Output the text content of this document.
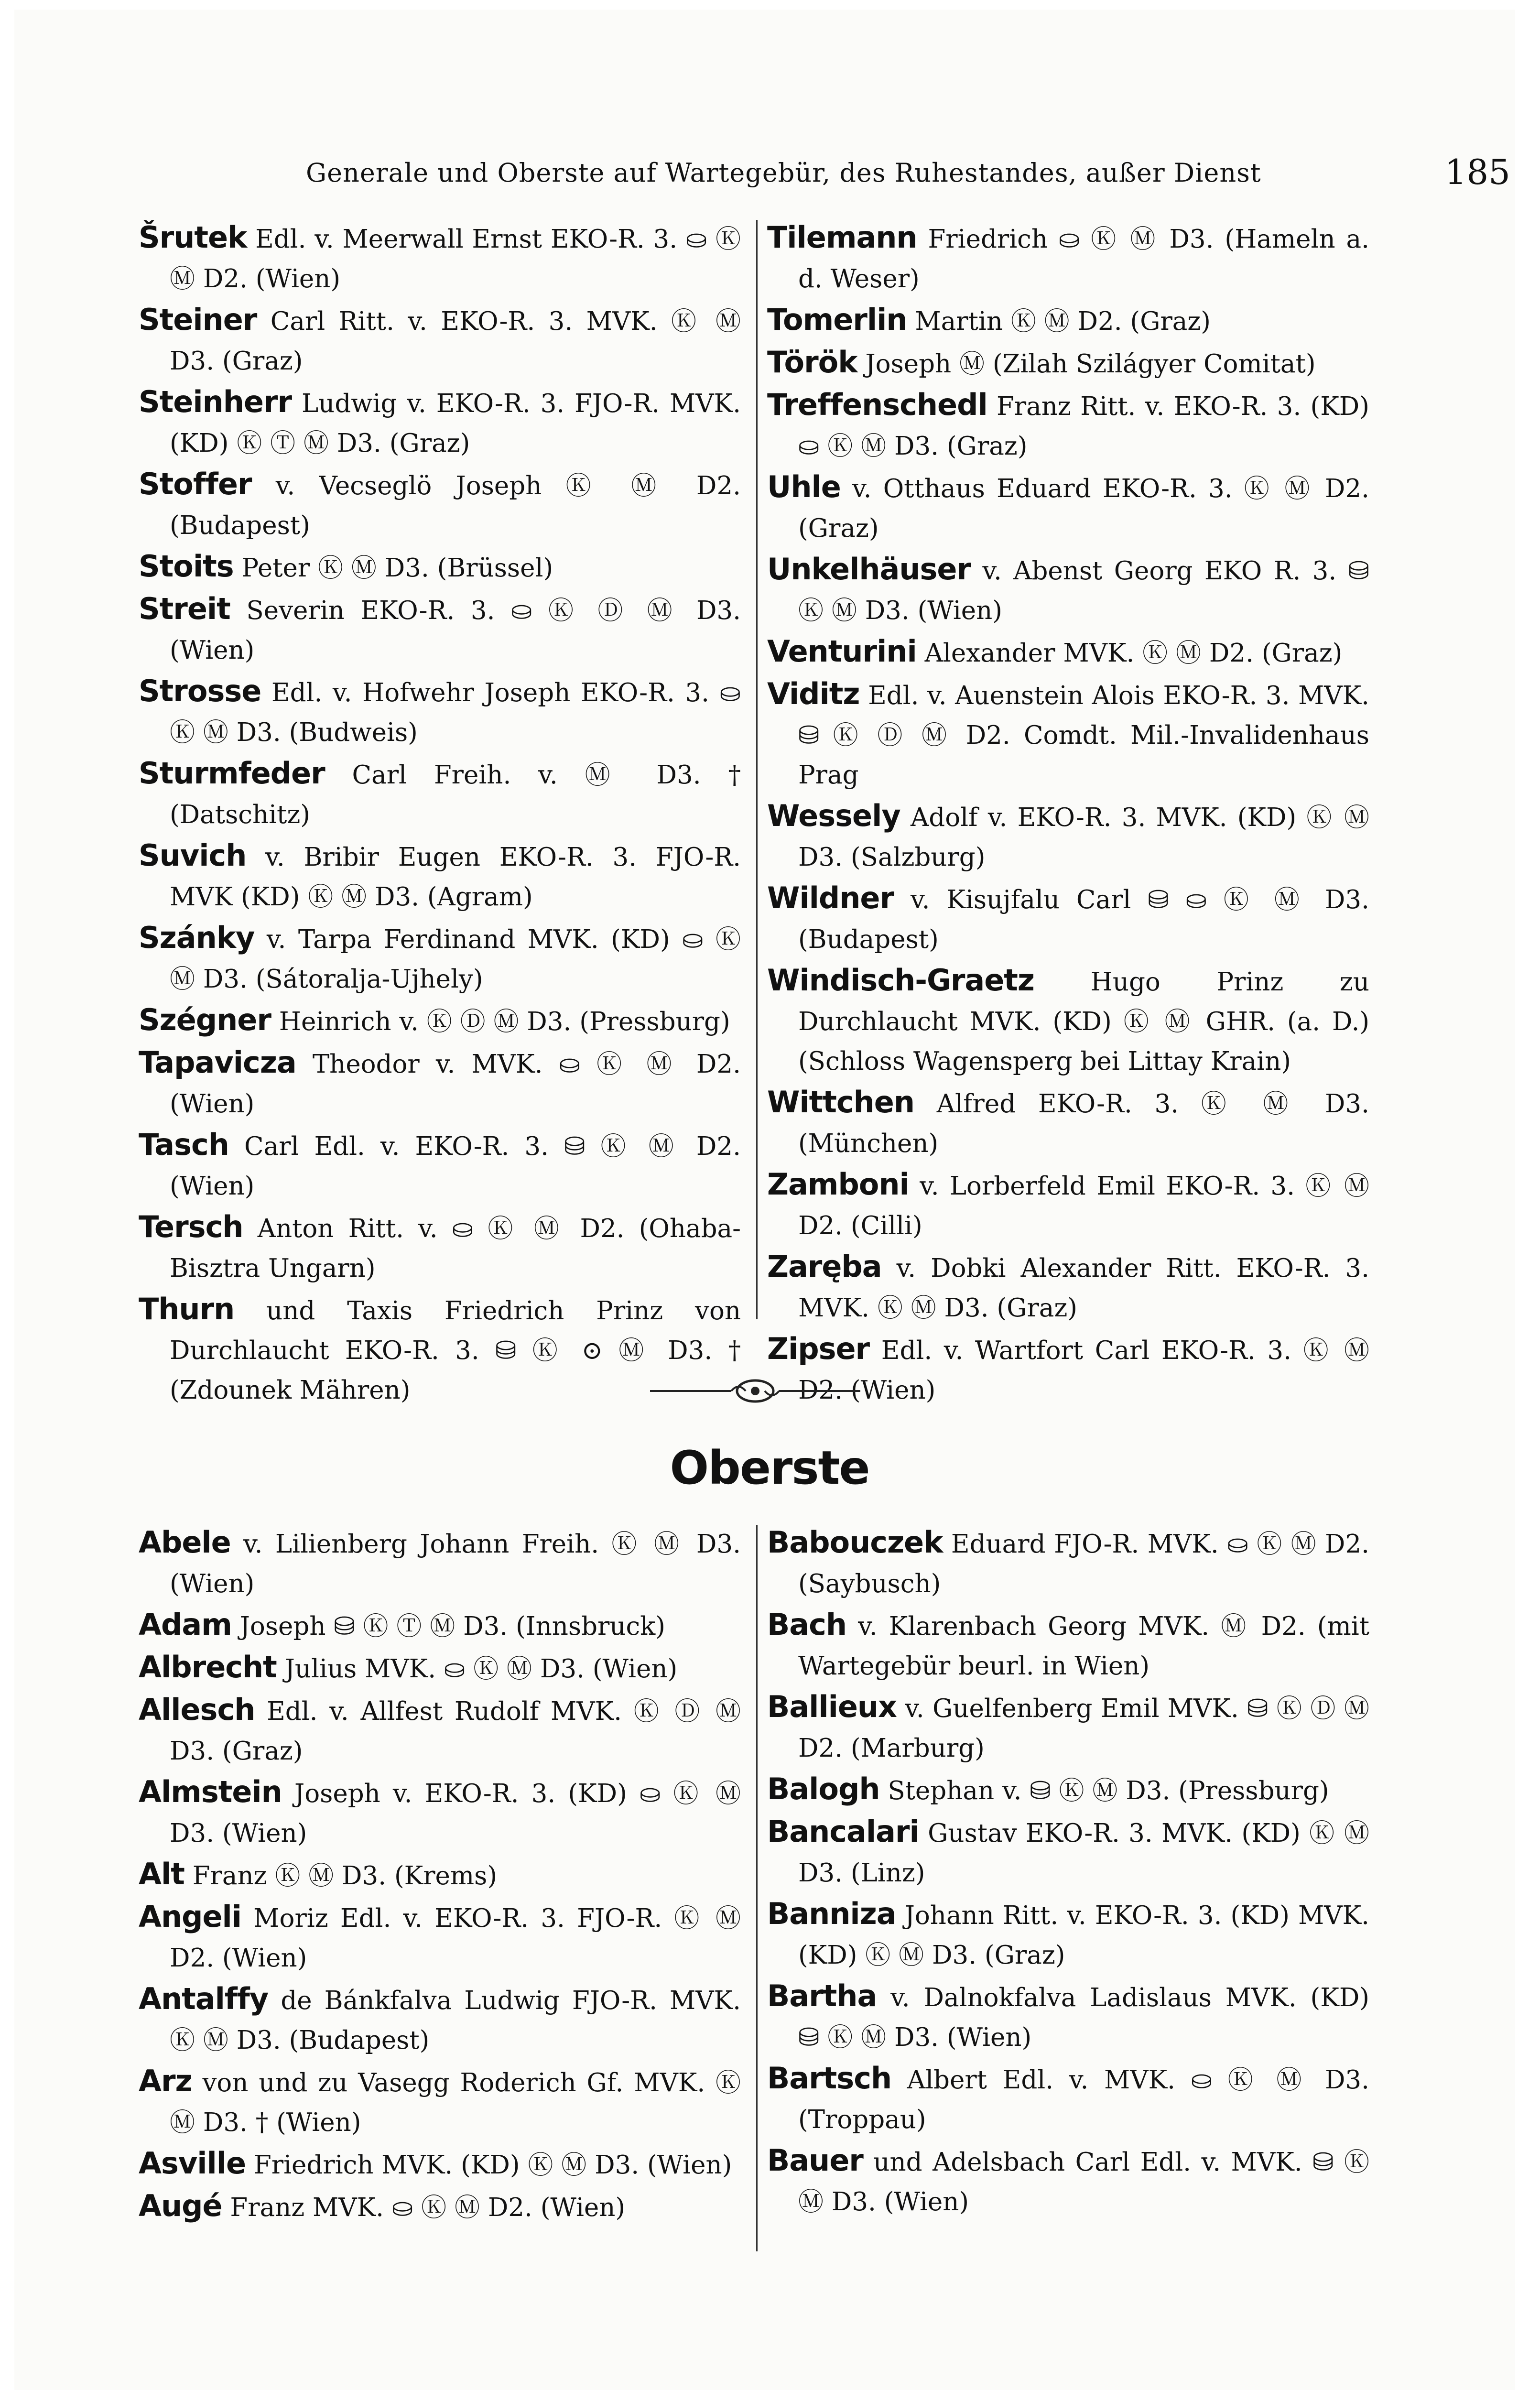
Generale und Oberste auf Wartegebür, des Ruhestandes, außer Dienst	185
Šrutek Edl. v. Meerwall Ernst EKO-R. 3. ⛀ Ⓚ Ⓜ D2. (Wien)
Steiner Carl Ritt. v. EKO-R. 3. MVK. Ⓚ Ⓜ D3. (Graz)
Steinherr Ludwig v. EKO-R. 3. FJO-R. MVK. (KD) Ⓚ Ⓣ Ⓜ D3. (Graz)
Stoffer v. Vecseglö Joseph Ⓚ Ⓜ D2. (Budapest)
Stoits Peter Ⓚ Ⓜ D3. (Brüssel)
Streit Severin EKO-R. 3. ⛀ Ⓚ Ⓓ Ⓜ D3. (Wien)
Strosse Edl. v. Hofwehr Joseph EKO-R. 3. ⛀ Ⓚ Ⓜ D3. (Budweis)
Sturmfeder Carl Freih. v. Ⓜ D3. † (Datschitz)
Suvich v. Bribir Eugen EKO-R. 3. FJO-R. MVK (KD) Ⓚ Ⓜ D3. (Agram)
Szánky v. Tarpa Ferdinand MVK. (KD) ⛀ Ⓚ Ⓜ D3. (Sátoralja-Ujhely)
Szégner Heinrich v. Ⓚ Ⓓ Ⓜ D3. (Pressburg)
Tapavicza Theodor v. MVK. ⛀ Ⓚ Ⓜ D2. (Wien)
Tasch Carl Edl. v. EKO-R. 3. ⛁ Ⓚ Ⓜ D2. (Wien)
Tersch Anton Ritt. v. ⛀ Ⓚ Ⓜ D2. (Ohaba-Bisztra Ungarn)
Thurn und Taxis Friedrich Prinz von Durchlaucht EKO-R. 3. ⛁ Ⓚ ⊙ Ⓜ D3. † (Zdounek Mähren)
Tilemann Friedrich ⛀ Ⓚ Ⓜ D3. (Hameln a. d. Weser)
Tomerlin Martin Ⓚ Ⓜ D2. (Graz)
Török Joseph Ⓜ (Zilah Szilágyer Comitat)
Treffenschedl Franz Ritt. v. EKO-R. 3. (KD) ⛀ Ⓚ Ⓜ D3. (Graz)
Uhle v. Otthaus Eduard EKO-R. 3. Ⓚ Ⓜ D2. (Graz)
Unkelhäuser v. Abenst Georg EKO R. 3. ⛁ Ⓚ Ⓜ D3. (Wien)
Venturini Alexander MVK. Ⓚ Ⓜ D2. (Graz)
Viditz Edl. v. Auenstein Alois EKO-R. 3. MVK. ⛁ Ⓚ Ⓓ Ⓜ D2. Comdt. Mil.-Invalidenhaus Prag
Wessely Adolf v. EKO-R. 3. MVK. (KD) Ⓚ Ⓜ D3. (Salzburg)
Wildner v. Kisujfalu Carl ⛁ ⛀ Ⓚ Ⓜ D3. (Budapest)
Windisch-Graetz Hugo Prinz zu Durchlaucht MVK. (KD) Ⓚ Ⓜ GHR. (a. D.) (Schloss Wagensperg bei Littay Krain)
Wittchen Alfred EKO-R. 3. Ⓚ Ⓜ D3. (München)
Zamboni v. Lorberfeld Emil EKO-R. 3. Ⓚ Ⓜ D2. (Cilli)
Zaręba v. Dobki Alexander Ritt. EKO-R. 3. MVK. Ⓚ Ⓜ D3. (Graz)
Zipser Edl. v. Wartfort Carl EKO-R. 3. Ⓚ Ⓜ D2. (Wien)
Oberste
Abele v. Lilienberg Johann Freih. Ⓚ Ⓜ D3. (Wien)
Adam Joseph ⛁ Ⓚ Ⓣ Ⓜ D3. (Innsbruck)
Albrecht Julius MVK. ⛀ Ⓚ Ⓜ D3. (Wien)
Allesch Edl. v. Allfest Rudolf MVK. Ⓚ Ⓓ Ⓜ D3. (Graz)
Almstein Joseph v. EKO-R. 3. (KD) ⛀ Ⓚ Ⓜ D3. (Wien)
Alt Franz Ⓚ Ⓜ D3. (Krems)
Angeli Moriz Edl. v. EKO-R. 3. FJO-R. Ⓚ Ⓜ D2. (Wien)
Antalffy de Bánkfalva Ludwig FJO-R. MVK. Ⓚ Ⓜ D3. (Budapest)
Arz von und zu Vasegg Roderich Gf. MVK. Ⓚ Ⓜ D3. † (Wien)
Asville Friedrich MVK. (KD) Ⓚ Ⓜ D3. (Wien)
Augé Franz MVK. ⛀ Ⓚ Ⓜ D2. (Wien)
Babouczek Eduard FJO-R. MVK. ⛀ Ⓚ Ⓜ D2. (Saybusch)
Bach v. Klarenbach Georg MVK. Ⓜ D2. (mit Wartegebür beurl. in Wien)
Ballieux v. Guelfenberg Emil MVK. ⛁ Ⓚ Ⓓ Ⓜ D2. (Marburg)
Balogh Stephan v. ⛁ Ⓚ Ⓜ D3. (Pressburg)
Bancalari Gustav EKO-R. 3. MVK. (KD) Ⓚ Ⓜ D3. (Linz)
Banniza Johann Ritt. v. EKO-R. 3. (KD) MVK. (KD) Ⓚ Ⓜ D3. (Graz)
Bartha v. Dalnokfalva Ladislaus MVK. (KD) ⛁ Ⓚ Ⓜ D3. (Wien)
Bartsch Albert Edl. v. MVK. ⛀ Ⓚ Ⓜ D3. (Troppau)
Bauer und Adelsbach Carl Edl. v. MVK. ⛁ Ⓚ Ⓜ D3. (Wien)
